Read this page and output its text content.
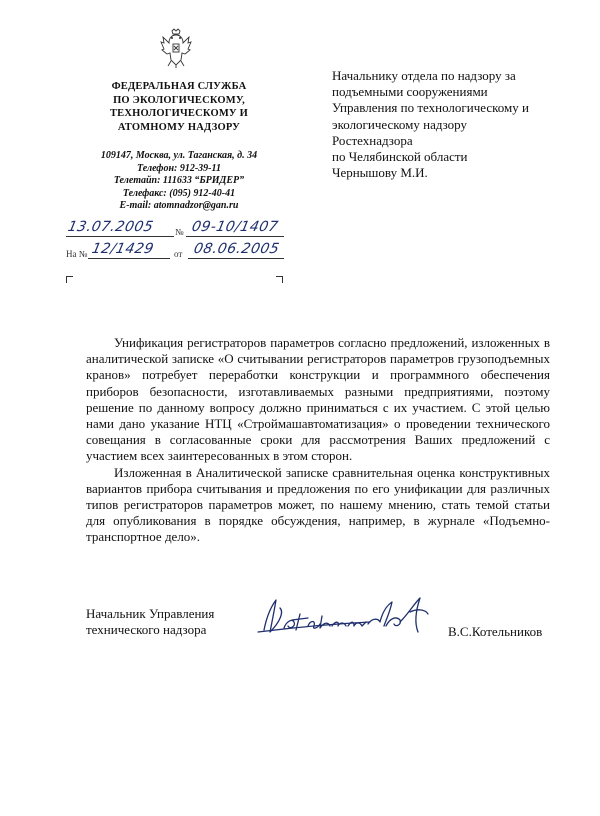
ФЕДЕРАЛЬНАЯ СЛУЖБА
ПО ЭКОЛОГИЧЕСКОМУ,
ТЕХНОЛОГИЧЕСКОМУ И
АТОМНОМУ НАДЗОРУ
109147, Москва, ул. Таганская, д. 34
Телефон: 912-39-11
Телетайп: 111633 “БРИДЕР”
Телефакс: (095) 912-40-41
E-mail: atomnadzor@gan.ru
13.07.2005 № 09-10/1407
На № 12/1429 от 08.06.2005
Начальнику отдела по надзору за
подъемными сооружениями
Управления по технологическому и
экологическому надзору
Ростехнадзора
по Челябинской области
Чернышову М.И.

Унификация регистраторов параметров согласно предложений, изложенных в аналитической записке «О считывании регистраторов параметров грузоподъемных кранов» потребует переработки конструкции и программного обеспечения приборов безопасности, изготавливаемых разными предприятиями, поэтому решение по данному вопросу должно приниматься с их участием. С этой целью нами дано указание НТЦ «Строймашавтоматизация» о проведении технического совещания в согласованные сроки для рассмотрения Ваших предложений с участием всех заинтересованных в этом сторон.

Изложенная в Аналитической записке сравнительная оценка конструктивных вариантов прибора считывания и предложения по его унификации для различных типов регистраторов параметров может, по нашему мнению, стать темой статьи для опубликования в порядке обсуждения, например, в журнале «Подъемно-транспортное дело».

Начальник Управления
технического надзора	В.С.Котельников
